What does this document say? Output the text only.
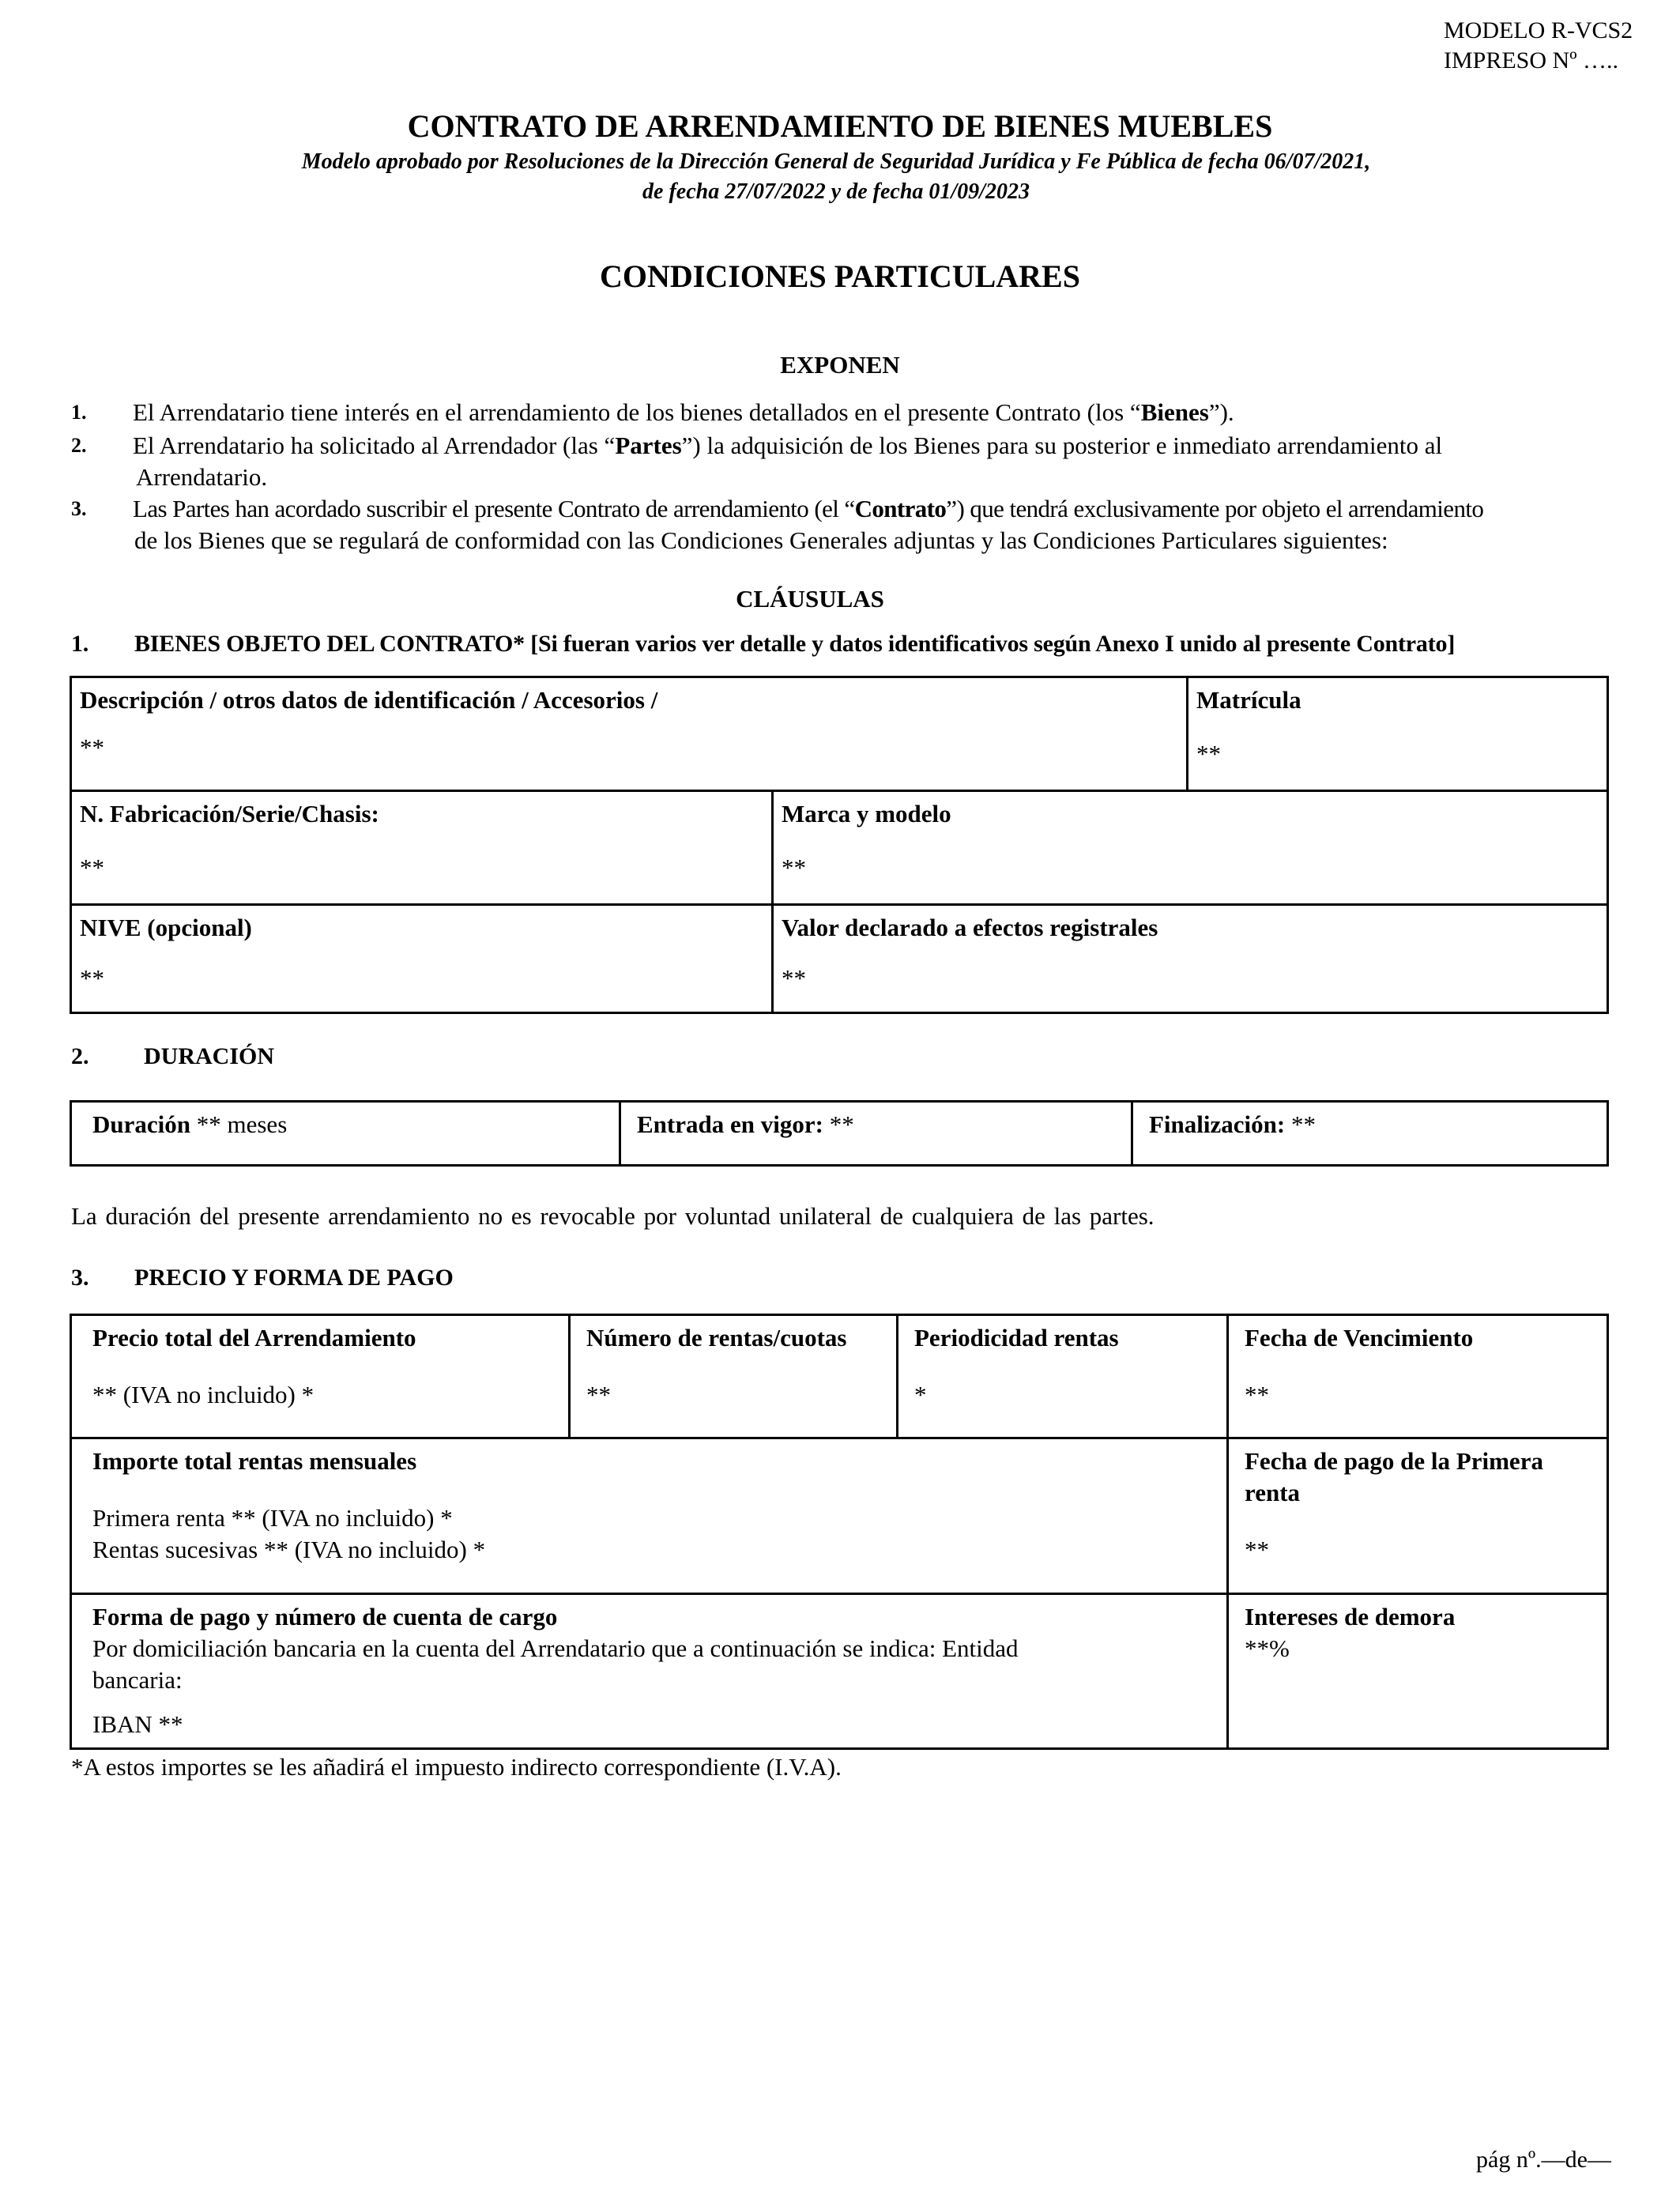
MODELO R-VCS2
IMPRESO Nº …..
CONTRATO DE ARRENDAMIENTO DE BIENES MUEBLES
Modelo aprobado por Resoluciones de la Dirección General de Seguridad Jurídica y Fe Pública de fecha 06/07/2021,
de fecha 27/07/2022 y de fecha 01/09/2023
CONDICIONES PARTICULARES
EXPONEN
1. El Arrendatario tiene interés en el arrendamiento de los bienes detallados en el presente Contrato (los “Bienes”).
2. El Arrendatario ha solicitado al Arrendador (las “Partes”) la adquisición de los Bienes para su posterior e inmediato arrendamiento al
Arrendatario.
3. Las Partes han acordado suscribir el presente Contrato de arrendamiento (el “Contrato”) que tendrá exclusivamente por objeto el arrendamiento
de los Bienes que se regulará de conformidad con las Condiciones Generales adjuntas y las Condiciones Particulares siguientes:
CLÁUSULAS
1. BIENES OBJETO DEL CONTRATO* [Si fueran varios ver detalle y datos identificativos según Anexo I unido al presente Contrato]
Descripción / otros datos de identificación / Accesorios /
**
Matrícula
**
N. Fabricación/Serie/Chasis:
**
Marca y modelo
**
NIVE (opcional)
**
Valor declarado a efectos registrales
**
2. DURACIÓN
Duración ** meses	Entrada en vigor: **	Finalización: **
La duración del presente arrendamiento no es revocable por voluntad unilateral de cualquiera de las partes.
3. PRECIO Y FORMA DE PAGO
Precio total del Arrendamiento
** (IVA no incluido) *
Número de rentas/cuotas
**
Periodicidad rentas
*
Fecha de Vencimiento
**
Importe total rentas mensuales
Primera renta ** (IVA no incluido) *
Rentas sucesivas ** (IVA no incluido) *
Fecha de pago de la Primera
renta
**
Forma de pago y número de cuenta de cargo
Por domiciliación bancaria en la cuenta del Arrendatario que a continuación se indica: Entidad
bancaria:
IBAN **
Intereses de demora
**%
*A estos importes se les añadirá el impuesto indirecto correspondiente (I.V.A).
pág nº.—de—
